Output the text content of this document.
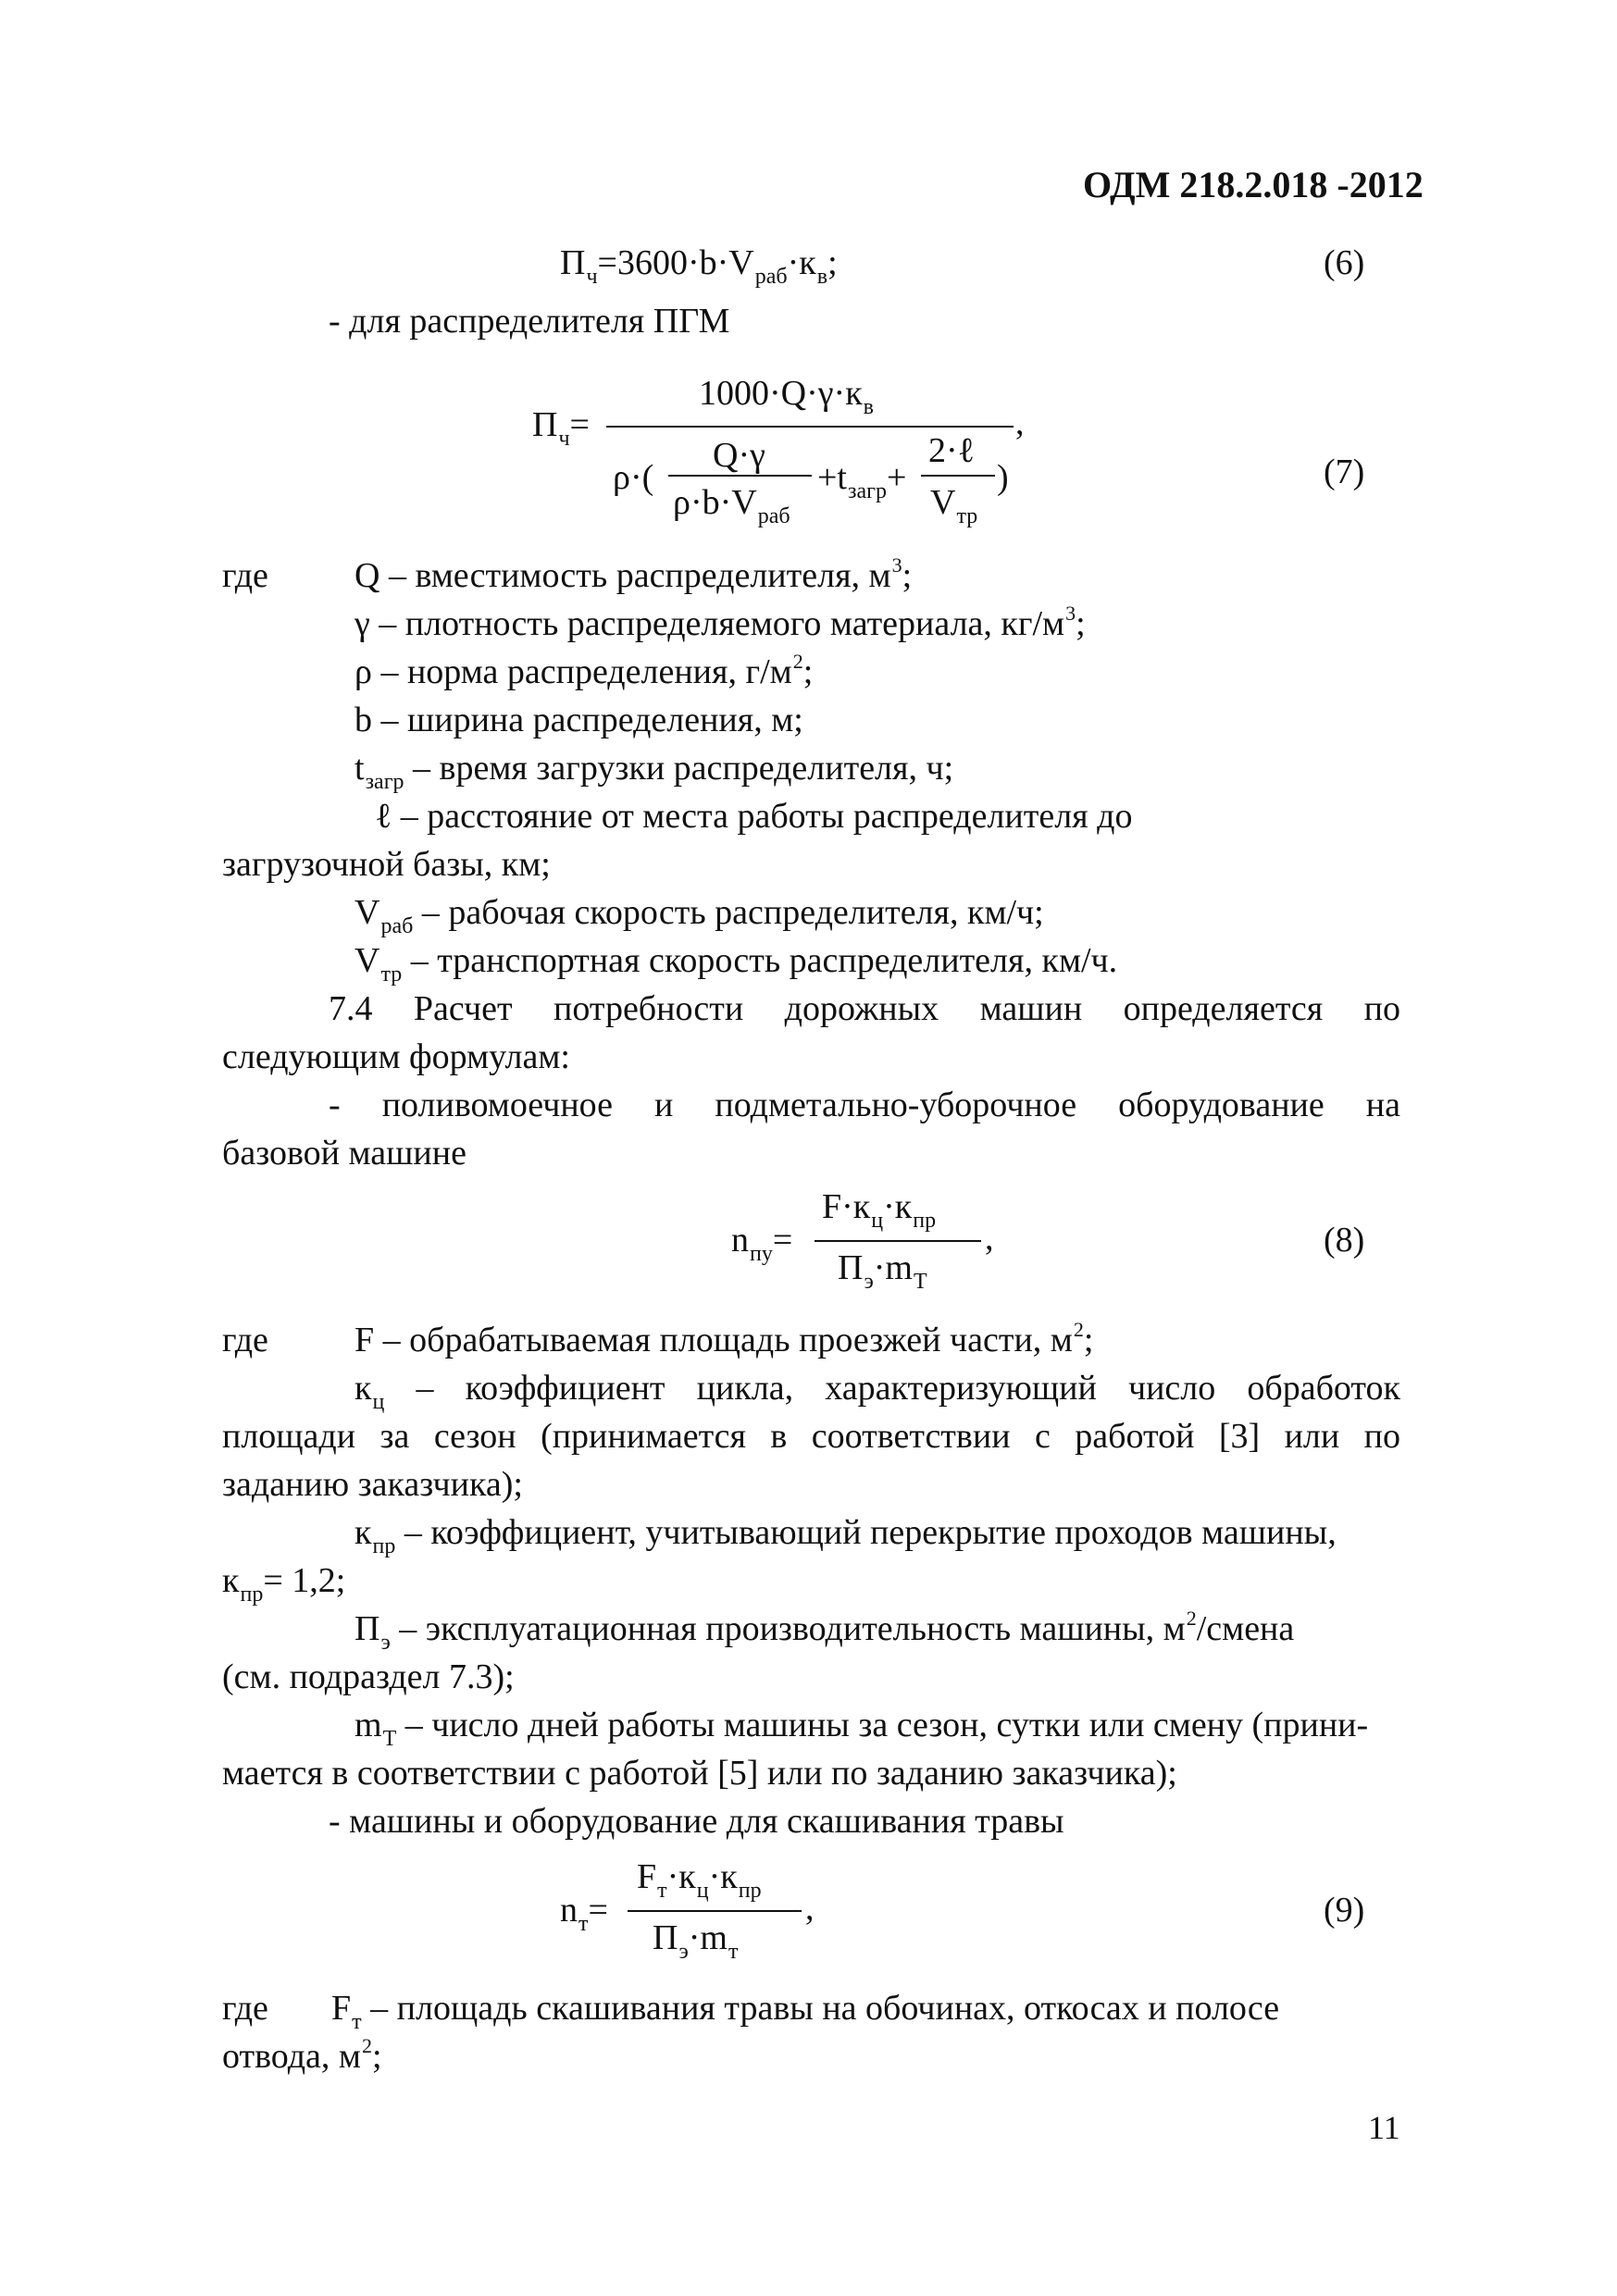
ОДМ 218.2.018 -2012
$П_ч=3600\cdot b\cdot V_{раб}\cdot к_в$;	(6)
- для распределителя ПГМ
$П_ч=$
$1000\cdot Q\cdot\gamma\cdot к_в$	,
ρ·(
Q·γ
$\rho\cdot b\cdot V_{раб}$
$+t_{загр}+$
2·ℓ
$V_{тр}$
)	(7)
где Q – вместимость распределителя, $м^3$;
γ – плотность распределяемого материала, $кг/м^3$;
ρ – норма распределения, $г/м^2$;
b – ширина распределения, м;
$t_{загр}$ – время загрузки распределителя, ч;
ℓ – расстояние от места работы распределителя до
загрузочной базы, км;
$V_{раб}$ – рабочая скорость распределителя, км/ч;
$V_{тр}$ – транспортная скорость распределителя, км/ч.
7.4 Расчет потребности дорожных машин определяется по
следующим формулам:
- поливомоечное и подметально-уборочное оборудование на
базовой машине
$n_{пу}=$
$F\cdot к_ц\cdot к_{пр}$
$П_э\cdot m_Т$
,	(8)
где F – обрабатываемая площадь проезжей части, $м^2$;
$к_ц$ – коэффициент цикла, характеризующий число обработок
площади за сезон (принимается в соответствии с работой [3] или по
заданию заказчика);
$к_{пр}$ – коэффициент, учитывающий перекрытие проходов машины,
$к_{пр}= 1,2$;
$П_э$ – эксплуатационная производительность машины, $м^2$/смена
(см. подраздел 7.3);
$m_Т$ – число дней работы машины за сезон, сутки или смену (прини-
мается в соответствии с работой [5] или по заданию заказчика);
- машины и оборудование для скашивания травы
$n_т=$
$F_т\cdot к_ц\cdot к_{пр}$
$П_э\cdot m_т$
,	(9)
где $F_т$ – площадь скашивания травы на обочинах, откосах и полосе
отвода, $м^2$;
11
